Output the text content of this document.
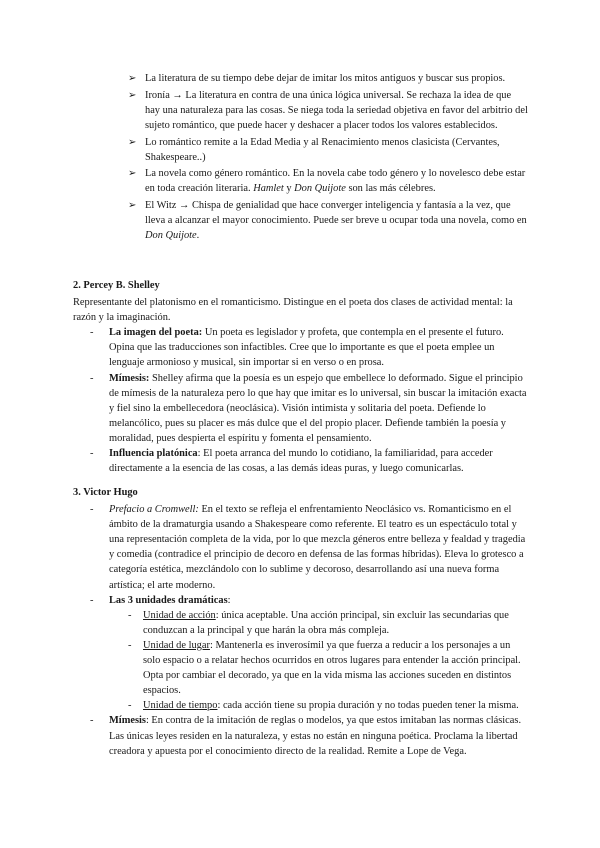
➢ La literatura de su tiempo debe dejar de imitar los mitos antiguos y buscar sus propios.
➢ Ironía → La literatura en contra de una única lógica universal. Se rechaza la idea de que hay una naturaleza para las cosas. Se niega toda la seriedad objetiva en favor del arbitrio del sujeto romántico, que puede hacer y deshacer a placer todos los valores establecidos.
➢ Lo romántico remite a la Edad Media y al Renacimiento menos clasicista (Cervantes, Shakespeare..)
➢ La novela como género romántico. En la novela cabe todo género y lo novelesco debe estar en toda creación literaria. Hamlet y Don Quijote son las más célebres.
➢ El Witz → Chispa de genialidad que hace converger inteligencia y fantasía a la vez, que lleva a alcanzar el mayor conocimiento. Puede ser breve u ocupar toda una novela, como en Don Quijote.
2. Percey B. Shelley

Representante del platonismo en el romanticismo. Distingue en el poeta dos clases de actividad mental: la razón y la imaginación.

- La imagen del poeta: Un poeta es legislador y profeta, que contempla en el presente el futuro. Opina que las traducciones son infactibles. Cree que lo importante es que el poeta emplee un lenguaje armonioso y musical, sin importar si en verso o en prosa.
- Mímesis: Shelley afirma que la poesía es un espejo que embellece lo deformado. Sigue el principio de mímesis de la naturaleza pero lo que hay que imitar es lo universal, sin buscar la imitación exacta y fiel sino la embellecedora (neoclásica). Visión intimista y solitaria del poeta. Defiende lo melancólico, pues su placer es más dulce que el del propio placer. Defiende también la poesía y moralidad, pues despierta el espíritu y fomenta el pensamiento.
- Influencia platónica: El poeta arranca del mundo lo cotidiano, la familiaridad, para acceder directamente a la esencia de las cosas, a las demás ideas puras, y luego comunicarlas.
3. Victor Hugo
- Prefacio a Cromwell: En el texto se refleja el enfrentamiento Neoclásico vs. Romanticismo en el ámbito de la dramaturgia usando a Shakespeare como referente. El teatro es un espectáculo total y una representación completa de la vida, por lo que mezcla géneros entre belleza y fealdad y tragedia y comedia (contradice el principio de decoro en defensa de las formas híbridas). Eleva lo grotesco a categoría estética, mezclándolo con lo sublime y decoroso, desarrollando así una nueva forma artística; el arte moderno.
- Las 3 unidades dramáticas:
- Unidad de acción: única aceptable. Una acción principal, sin excluir las secundarias que conduzcan a la principal y que harán la obra más compleja.
- Unidad de lugar: Mantenerla es inverosímil ya que fuerza a reducir a los personajes a un solo espacio o a relatar hechos ocurridos en otros lugares para entender la acción principal. Opta por cambiar el decorado, ya que en la vida misma las acciones suceden en distintos espacios.
- Unidad de tiempo: cada acción tiene su propia duración y no todas pueden tener la misma.
- Mímesis: En contra de la imitación de reglas o modelos, ya que estos imitaban las normas clásicas. Las únicas leyes residen en la naturaleza, y estas no están en ninguna poética. Proclama la libertad creadora y apuesta por el conocimiento directo de la realidad. Remite a Lope de Vega.
